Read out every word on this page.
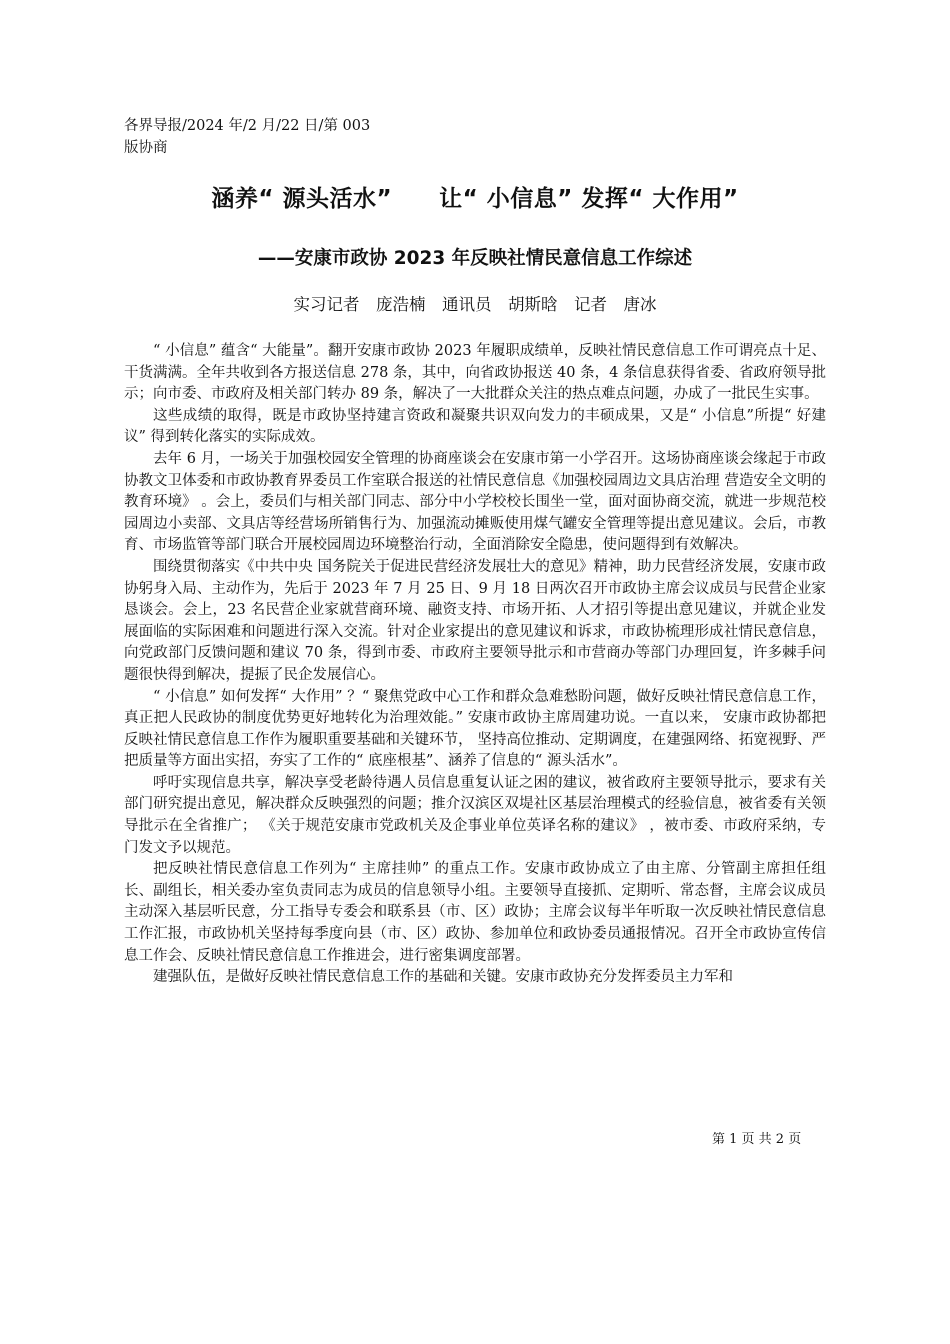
各界导报/2024 年/2 月/22 日/第 003
版协商
涵养“ 源头活水”　　让“ 小信息” 发挥“ 大作用”
——安康市政协 2023 年反映社情民意信息工作综述
实习记者　庞浩楠　通讯员　胡斯晗　记者　唐冰

“ 小信息” 蕴含“ 大能量”。翻开安康市政协 2023 年履职成绩单，反映社情民意信息工作可谓亮点十足、干货满满。全年共收到各方报送信息 278 条，其中，向省政协报送 40 条，4 条信息获得省委、省政府领导批示；向市委、市政府及相关部门转办 89 条，解决了一大批群众关注的热点难点问题，办成了一批民生实事。

这些成绩的取得，既是市政协坚持建言资政和凝聚共识双向发力的丰硕成果，又是“ 小信息”所提“ 好建议” 得到转化落实的实际成效。

去年 6 月，一场关于加强校园安全管理的协商座谈会在安康市第一小学召开。这场协商座谈会缘起于市政协教文卫体委和市政协教育界委员工作室联合报送的社情民意信息《加强校园周边文具店治理 营造安全文明的教育环境》 。会上，委员们与相关部门同志、部分中小学校校长围坐一堂，面对面协商交流，就进一步规范校园周边小卖部、文具店等经营场所销售行为、加强流动摊贩使用煤气罐安全管理等提出意见建议。会后，市教育、市场监管等部门联合开展校园周边环境整治行动，全面消除安全隐患，使问题得到有效解决。

围绕贯彻落实《中共中央 国务院关于促进民营经济发展壮大的意见》精神，助力民营经济发展，安康市政协躬身入局、主动作为，先后于 2023 年 7 月 25 日、9 月 18 日两次召开市政协主席会议成员与民营企业家恳谈会。会上，23 名民营企业家就营商环境、融资支持、市场开拓、人才招引等提出意见建议，并就企业发展面临的实际困难和问题进行深入交流。针对企业家提出的意见建议和诉求，市政协梳理形成社情民意信息，向党政部门反馈问题和建议 70 条，得到市委、市政府主要领导批示和市营商办等部门办理回复，许多棘手问题很快得到解决，提振了民企发展信心。

“ 小信息” 如何发挥“ 大作用” ？“ 聚焦党政中心工作和群众急难愁盼问题，做好反映社情民意信息工作，真正把人民政协的制度优势更好地转化为治理效能。” 安康市政协主席周建功说。一直以来， 安康市政协都把反映社情民意信息工作作为履职重要基础和关键环节， 坚持高位推动、定期调度，在建强网络、拓宽视野、严把质量等方面出实招，夯实了工作的“ 底座根基”、涵养了信息的“ 源头活水”。

呼吁实现信息共享，解决享受老龄待遇人员信息重复认证之困的建议，被省政府主要领导批示，要求有关部门研究提出意见，解决群众反映强烈的问题；推介汉滨区双堤社区基层治理模式的经验信息，被省委有关领导批示在全省推广； 《关于规范安康市党政机关及企事业单位英译名称的建议》 ，被市委、市政府采纳，专门发文予以规范。

把反映社情民意信息工作列为“ 主席挂帅” 的重点工作。安康市政协成立了由主席、分管副主席担任组长、副组长，相关委办室负责同志为成员的信息领导小组。主要领导直接抓、定期听、常态督，主席会议成员主动深入基层听民意，分工指导专委会和联系县（市、区）政协；主席会议每半年听取一次反映社情民意信息工作汇报，市政协机关坚持每季度向县（市、区）政协、参加单位和政协委员通报情况。召开全市政协宣传信息工作会、反映社情民意信息工作推进会，进行密集调度部署。

建强队伍，是做好反映社情民意信息工作的基础和关键。安康市政协充分发挥委员主力军和

第 1 页 共 2 页
